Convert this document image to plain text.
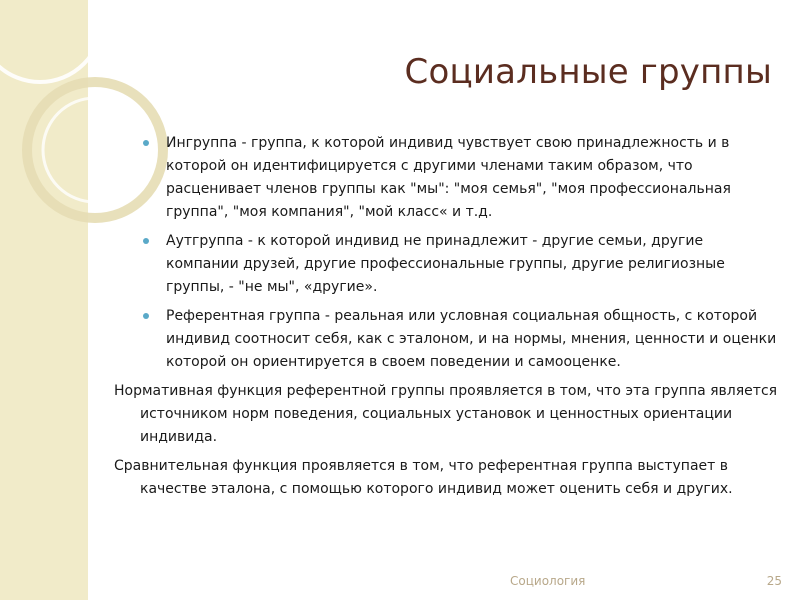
Социальные группы
Ингруппа - группа, к которой индивид чувствует свою принадлежность и в которой он идентифицируется с другими членами таким образом, что расценивает членов группы как "мы": "моя семья", "моя профессиональная группа", "моя компания", "мой класс« и т.д.
Аутгруппа - к которой индивид не принадлежит - другие семьи, другие компании друзей, другие профессиональные группы, другие религиозные группы, - "не мы", «другие».
Референтная группа - реальная или условная социальная общность, с которой индивид соотносит себя, как с эталоном, и на нормы, мнения, ценности и оценки которой он ориентируется в своем поведении и самооценке.

Нормативная функция референтной группы проявляется в том, что эта группа является источником норм поведения, социальных установок и ценностных ориентации индивида.

Сравнительная функция проявляется в том, что референтная группа выступает в качестве эталона, с помощью которого индивид может оценить себя и других.

Социология	25
